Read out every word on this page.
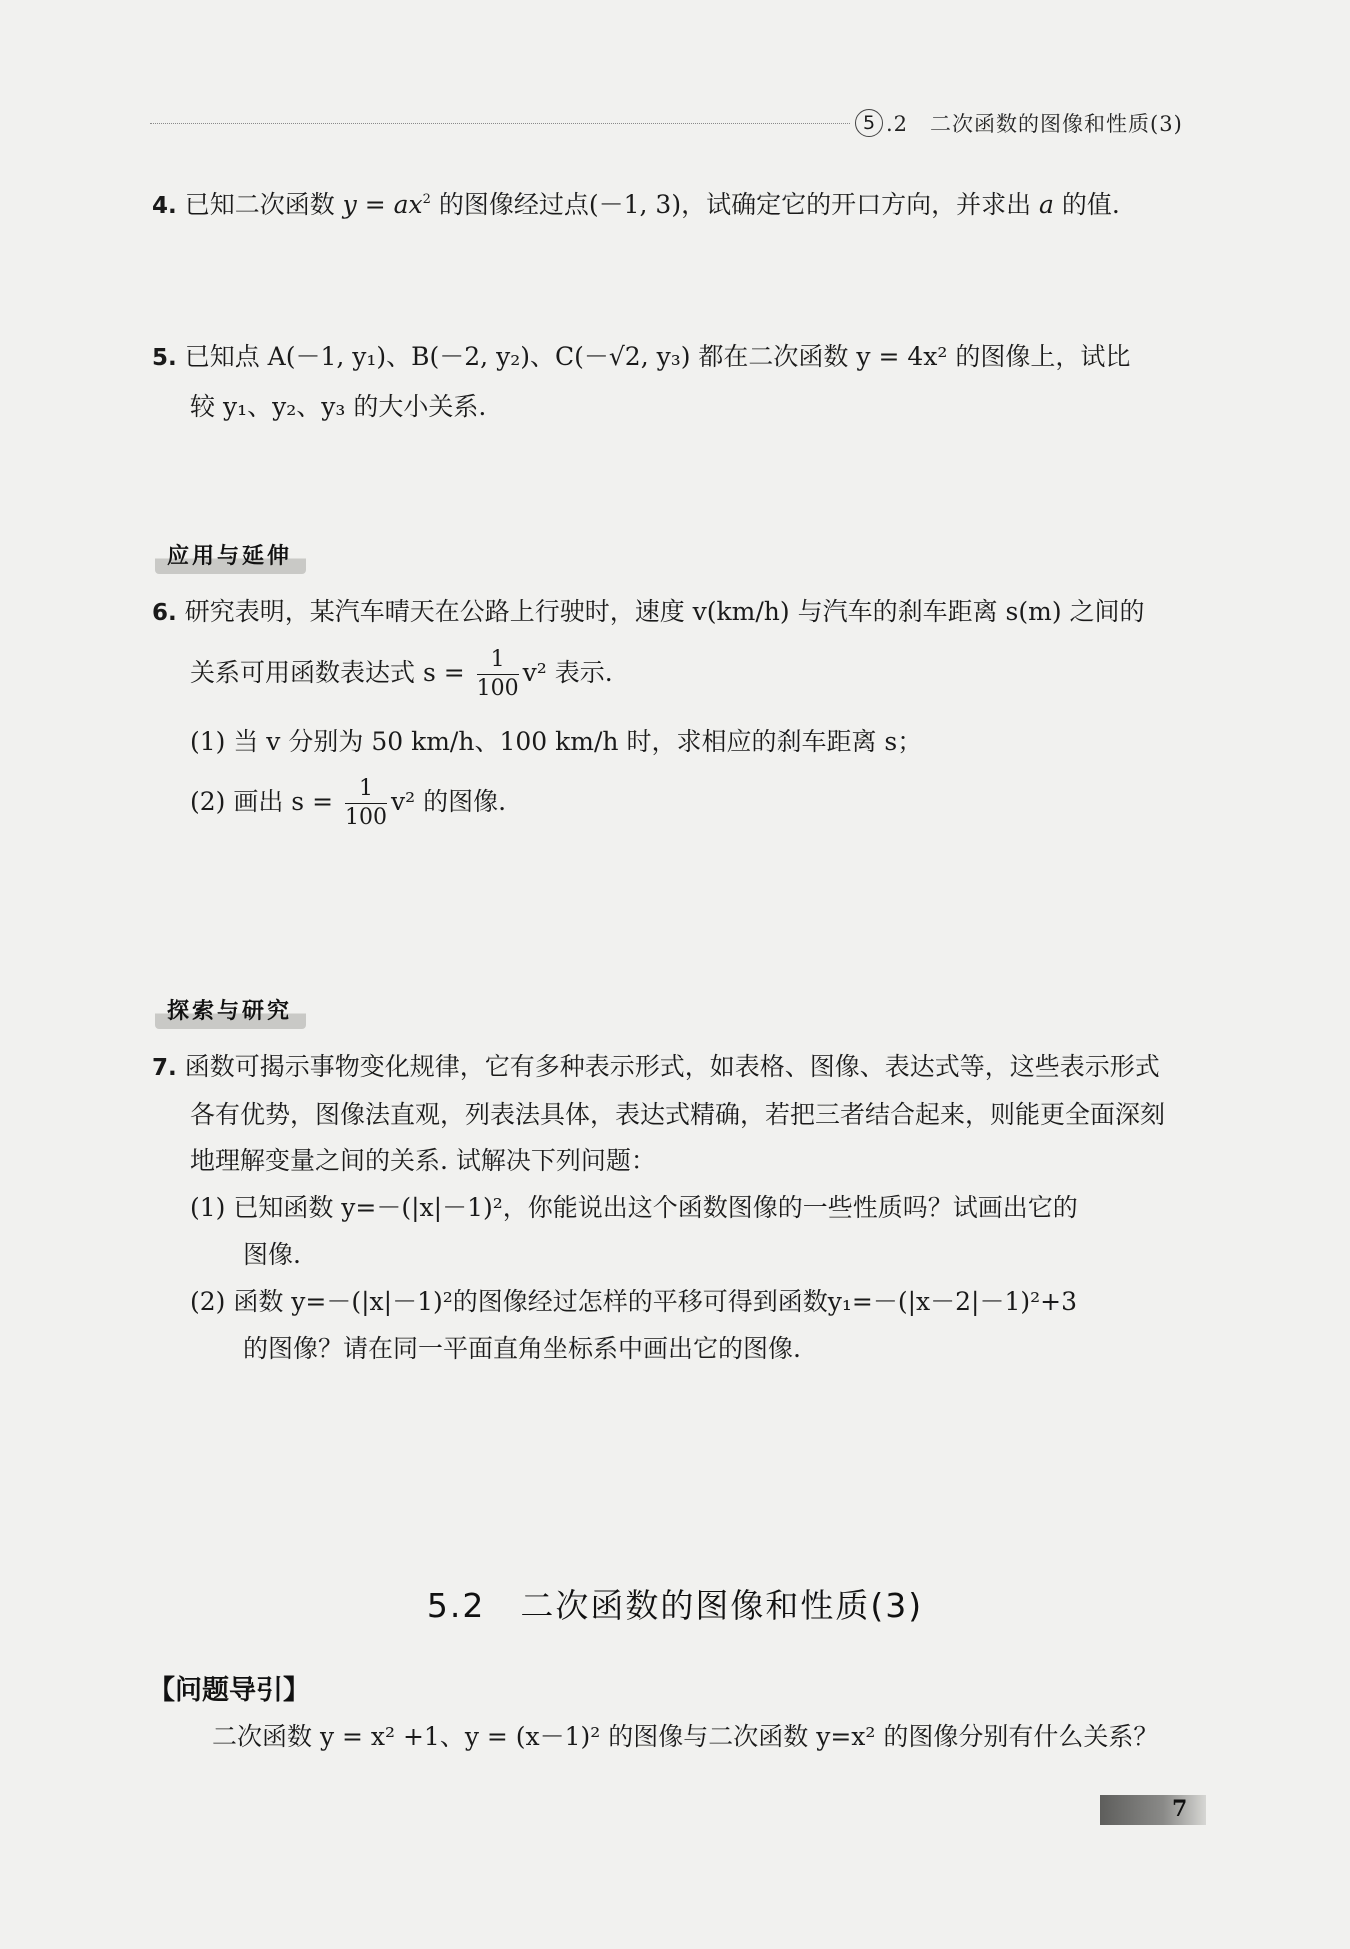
5 .2　二次函数的图像和性质(3)
4. 已知二次函数 $y = ax^2$ 的图像经过点(－1, 3)，试确定它的开口方向，并求出 a 的值.
5. 已知点 A(－1, y₁)、B(－2, y₂)、C(－√2, y₃) 都在二次函数 y = 4x² 的图像上，试比
较 y₁、y₂、y₃ 的大小关系.
应用与延伸
6. 研究表明，某汽车晴天在公路上行驶时，速度 v(km/h) 与汽车的刹车距离 s(m) 之间的
关系可用函数表达式 $s = \frac{1}{100} v^2$ 表示.
(1) 当 v 分别为 50 km/h、100 km/h 时，求相应的刹车距离 s；
(2) 画出 $s = \frac{1}{100} v^2$ 的图像.
探索与研究
7. 函数可揭示事物变化规律，它有多种表示形式，如表格、图像、表达式等，这些表示形式
各有优势，图像法直观，列表法具体，表达式精确，若把三者结合起来，则能更全面深刻
地理解变量之间的关系. 试解决下列问题：
(1) 已知函数 y=－(|x|－1)²，你能说出这个函数图像的一些性质吗？试画出它的
图像.
(2) 函数 y=－(|x|－1)²的图像经过怎样的平移可得到函数y₁=－(|x－2|－1)²+3
的图像？请在同一平面直角坐标系中画出它的图像.
5.2　二次函数的图像和性质(3)
【问题导引】
二次函数 y = x² +1、y = (x－1)² 的图像与二次函数 y=x² 的图像分别有什么关系？
7
